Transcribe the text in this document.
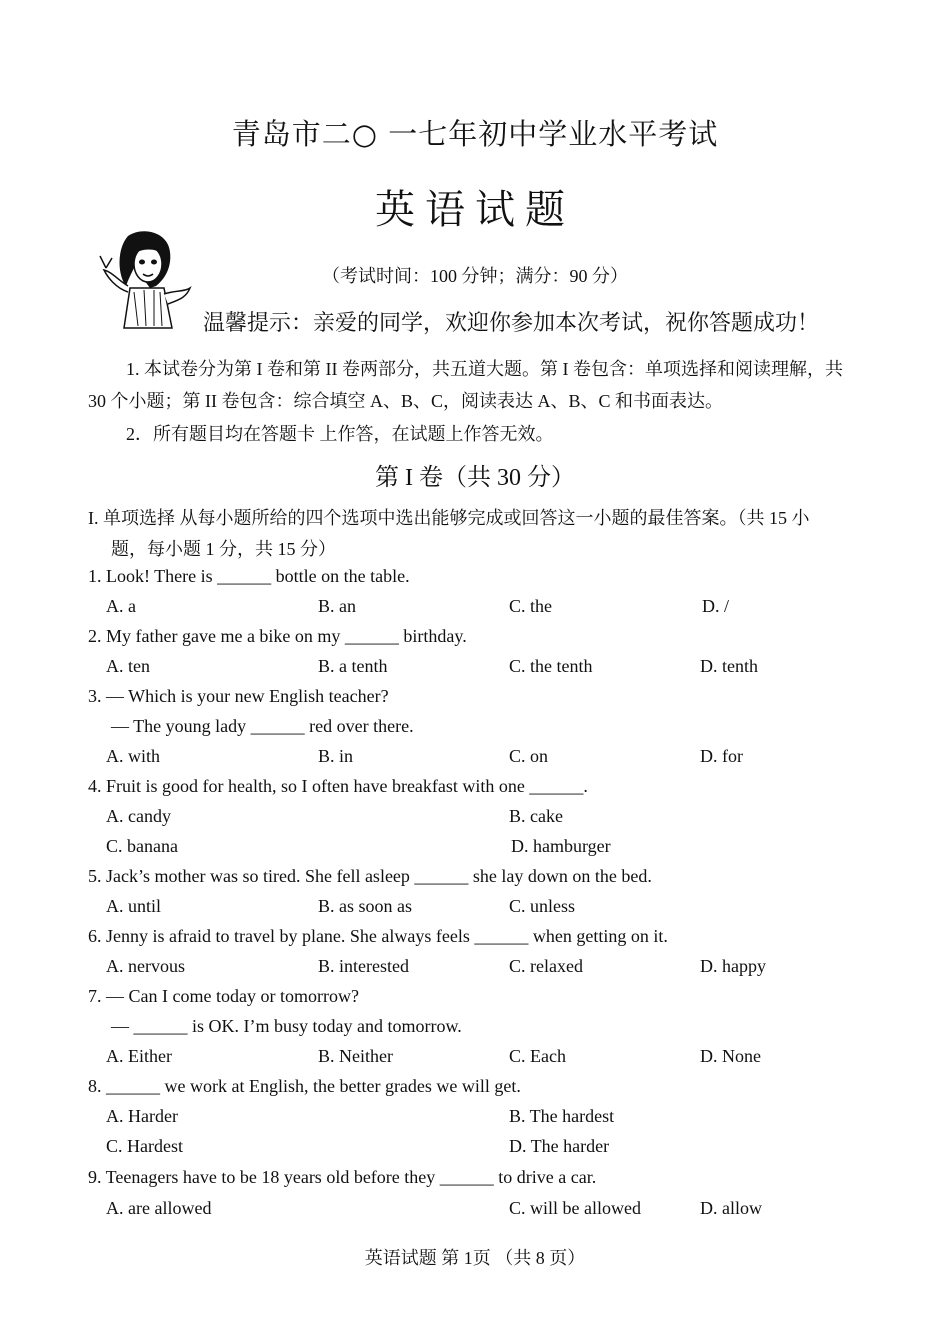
青岛市二○ 一七年初中学业水平考试
英语试题
（考试时间：100 分钟；满分：90 分）
温馨提示：亲爱的同学，欢迎你参加本次考试，祝你答题成功！
1. 本试卷分为第 I 卷和第 II 卷两部分，共五道大题。第 I 卷包含：单项选择和阅读理解，共
30 个小题；第 II 卷包含：综合填空 A、B、C，阅读表达 A、B、C 和书面表达。
2．所有题目均在答题卡 上作答，在试题上作答无效。
第 I 卷（共 30 分）
I. 单项选择 从每小题所给的四个选项中选出能够完成或回答这一小题的最佳答案。（共 15 小
题，每小题 1 分，共 15 分）
1. Look! There is ______ bottle on the table.
A. a	B. an	C. the	D. /
2. My father gave me a bike on my ______ birthday.
A. ten	B. a tenth	C. the tenth	D. tenth
3. — Which is your new English teacher?
— The young lady ______ red over there.
A. with	B. in	C. on	D. for
4. Fruit is good for health, so I often have breakfast with one ______.
A. candy	B. cake
C. banana	D. hamburger
5. Jack’s mother was so tired. She fell asleep ______ she lay down on the bed.
A. until	B. as soon as	C. unless
6. Jenny is afraid to travel by plane. She always feels ______ when getting on it.
A. nervous	B. interested	C. relaxed	D. happy
7. — Can I come today or tomorrow?
— ______ is OK. I’m busy today and tomorrow.
A. Either	B. Neither	C. Each	D. None
8. ______ we work at English, the better grades we will get.
A. Harder	B. The hardest
C. Hardest	D. The harder
9. Teenagers have to be 18 years old before they ______ to drive a car.
A. are allowed	C. will be allowed	D. allow
英语试题 第 1页 （共 8 页）
